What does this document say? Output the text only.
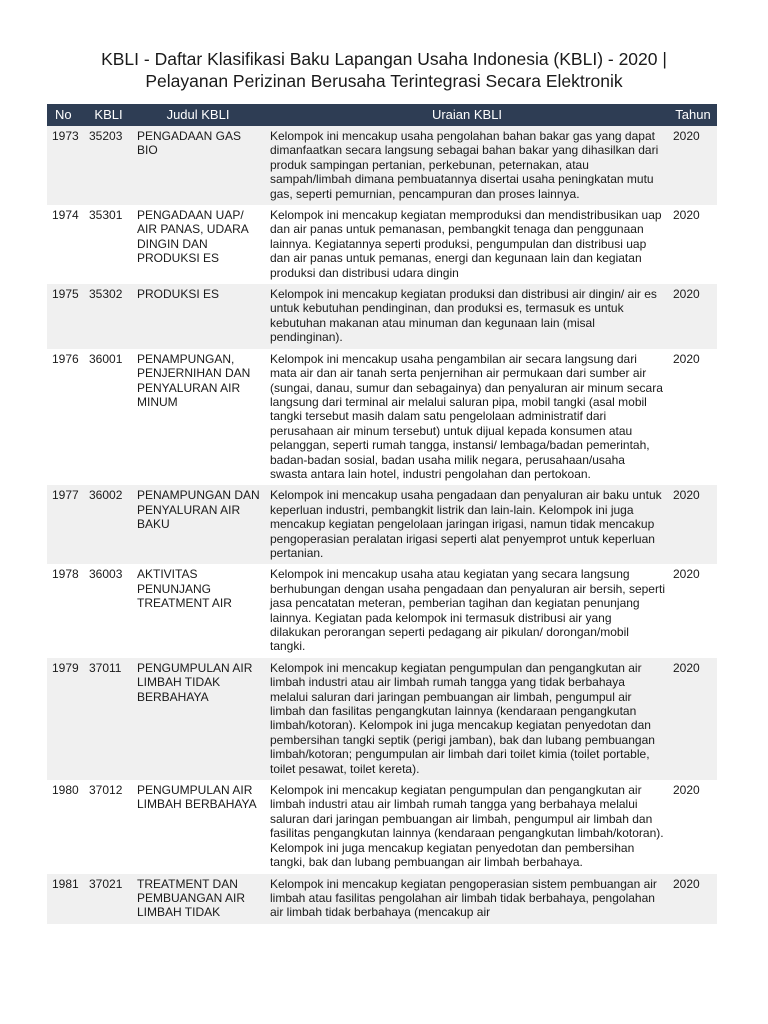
KBLI - Daftar Klasifikasi Baku Lapangan Usaha Indonesia (KBLI) - 2020 |
Pelayanan Perizinan Berusaha Terintegrasi Secara Elektronik
No	KBLI	Judul KBLI	Uraian KBLI	Tahun
1973	35203	PENGADAAN GAS BIO	Kelompok ini mencakup usaha pengolahan bahan bakar gas yang dapat dimanfaatkan secara langsung sebagai bahan bakar yang dihasilkan dari produk sampingan pertanian, perkebunan, peternakan, atau sampah/limbah dimana pembuatannya disertai usaha peningkatan mutu gas, seperti pemurnian, pencampuran dan proses lainnya.	2020
1974	35301	PENGADAAN UAP/ AIR PANAS, UDARA DINGIN DAN PRODUKSI ES	Kelompok ini mencakup kegiatan memproduksi dan mendistribusikan uap dan air panas untuk pemanasan, pembangkit tenaga dan penggunaan lainnya. Kegiatannya seperti produksi, pengumpulan dan distribusi uap dan air panas untuk pemanas, energi dan kegunaan lain dan kegiatan produksi dan distribusi udara dingin	2020
1975	35302	PRODUKSI ES	Kelompok ini mencakup kegiatan produksi dan distribusi air dingin/ air es untuk kebutuhan pendinginan, dan produksi es, termasuk es untuk kebutuhan makanan atau minuman dan kegunaan lain (misal pendinginan).	2020
1976	36001	PENAMPUNGAN, PENJERNIHAN DAN PENYALURAN AIR MINUM	Kelompok ini mencakup usaha pengambilan air secara langsung dari mata air dan air tanah serta penjernihan air permukaan dari sumber air (sungai, danau, sumur dan sebagainya) dan penyaluran air minum secara langsung dari terminal air melalui saluran pipa, mobil tangki (asal mobil tangki tersebut masih dalam satu pengelolaan administratif dari perusahaan air minum tersebut) untuk dijual kepada konsumen atau pelanggan, seperti rumah tangga, instansi/ lembaga/badan pemerintah, badan-badan sosial, badan usaha milik negara, perusahaan/usaha swasta antara lain hotel, industri pengolahan dan pertokoan.	2020
1977	36002	PENAMPUNGAN DAN PENYALURAN AIR BAKU	Kelompok ini mencakup usaha pengadaan dan penyaluran air baku untuk keperluan industri, pembangkit listrik dan lain-lain. Kelompok ini juga mencakup kegiatan pengelolaan jaringan irigasi, namun tidak mencakup pengoperasian peralatan irigasi seperti alat penyemprot untuk keperluan pertanian.	2020
1978	36003	AKTIVITAS PENUNJANG TREATMENT AIR	Kelompok ini mencakup usaha atau kegiatan yang secara langsung berhubungan dengan usaha pengadaan dan penyaluran air bersih, seperti jasa pencatatan meteran, pemberian tagihan dan kegiatan penunjang lainnya. Kegiatan pada kelompok ini termasuk distribusi air yang dilakukan perorangan seperti pedagang air pikulan/ dorongan/mobil tangki.	2020
1979	37011	PENGUMPULAN AIR LIMBAH TIDAK BERBAHAYA	Kelompok ini mencakup kegiatan pengumpulan dan pengangkutan air limbah industri atau air limbah rumah tangga yang tidak berbahaya melalui saluran dari jaringan pembuangan air limbah, pengumpul air limbah dan fasilitas pengangkutan lainnya (kendaraan pengangkutan limbah/kotoran). Kelompok ini juga mencakup kegiatan penyedotan dan pembersihan tangki septik (perigi jamban), bak dan lubang pembuangan limbah/kotoran; pengumpulan air limbah dari toilet kimia (toilet portable, toilet pesawat, toilet kereta).	2020
1980	37012	PENGUMPULAN AIR LIMBAH BERBAHAYA	Kelompok ini mencakup kegiatan pengumpulan dan pengangkutan air limbah industri atau air limbah rumah tangga yang berbahaya melalui saluran dari jaringan pembuangan air limbah, pengumpul air limbah dan fasilitas pengangkutan lainnya (kendaraan pengangkutan limbah/kotoran). Kelompok ini juga mencakup kegiatan penyedotan dan pembersihan tangki, bak dan lubang pembuangan air limbah berbahaya.	2020
1981	37021	TREATMENT DAN PEMBUANGAN AIR LIMBAH TIDAK	Kelompok ini mencakup kegiatan pengoperasian sistem pembuangan air limbah atau fasilitas pengolahan air limbah tidak berbahaya, pengolahan air limbah tidak berbahaya (mencakup air	2020
